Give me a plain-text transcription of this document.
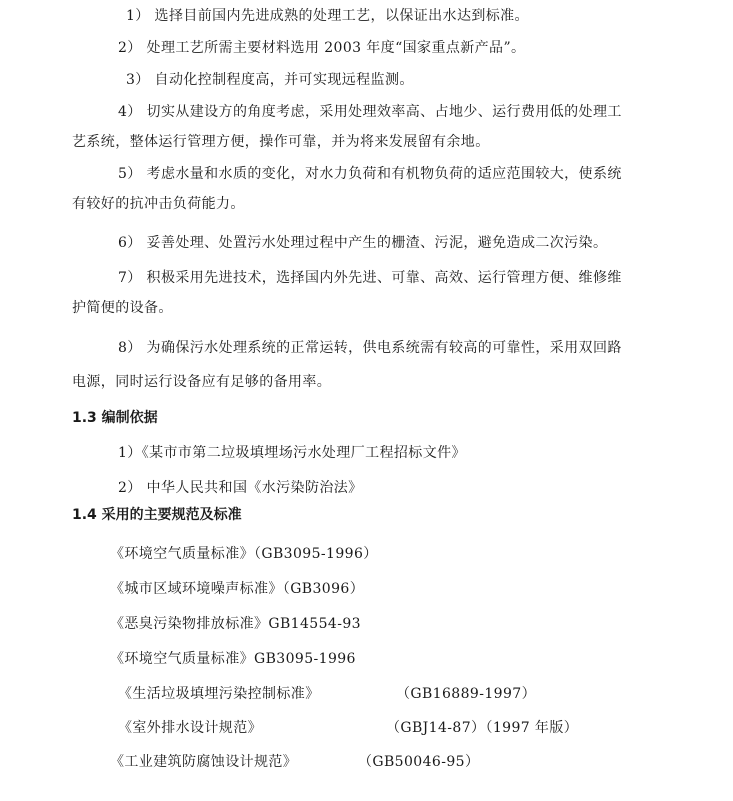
1） 选择目前国内先进成熟的处理工艺，以保证出水达到标准。
2） 处理工艺所需主要材料选用 2003 年度“国家重点新产品”。
3） 自动化控制程度高，并可实现远程监测。
4） 切实从建设方的角度考虑，采用处理效率高、占地少、运行费用低的处理工
艺系统，整体运行管理方便，操作可靠，并为将来发展留有余地。
5） 考虑水量和水质的变化，对水力负荷和有机物负荷的适应范围较大，使系统
有较好的抗冲击负荷能力。
6） 妥善处理、处置污水处理过程中产生的栅渣、污泥，避免造成二次污染。
7） 积极采用先进技术，选择国内外先进、可靠、高效、运行管理方便、维修维
护简便的设备。
8） 为确保污水处理系统的正常运转，供电系统需有较高的可靠性，采用双回路
电源，同时运行设备应有足够的备用率。
1.3 编制依据
1）《某市市第二垃圾填埋场污水处理厂工程招标文件》
2） 中华人民共和国《水污染防治法》
1.4 采用的主要规范及标准
《环境空气质量标准》（GB3095-1996）
《城市区域环境噪声标准》（GB3096）
《恶臭污染物排放标准》GB14554-93
《环境空气质量标准》GB3095-1996
《生活垃圾填埋污染控制标准》	（GB16889-1997）
《室外排水设计规范》	（GBJ14-87）（1997 年版）
《工业建筑防腐蚀设计规范》	（GB50046-95）
